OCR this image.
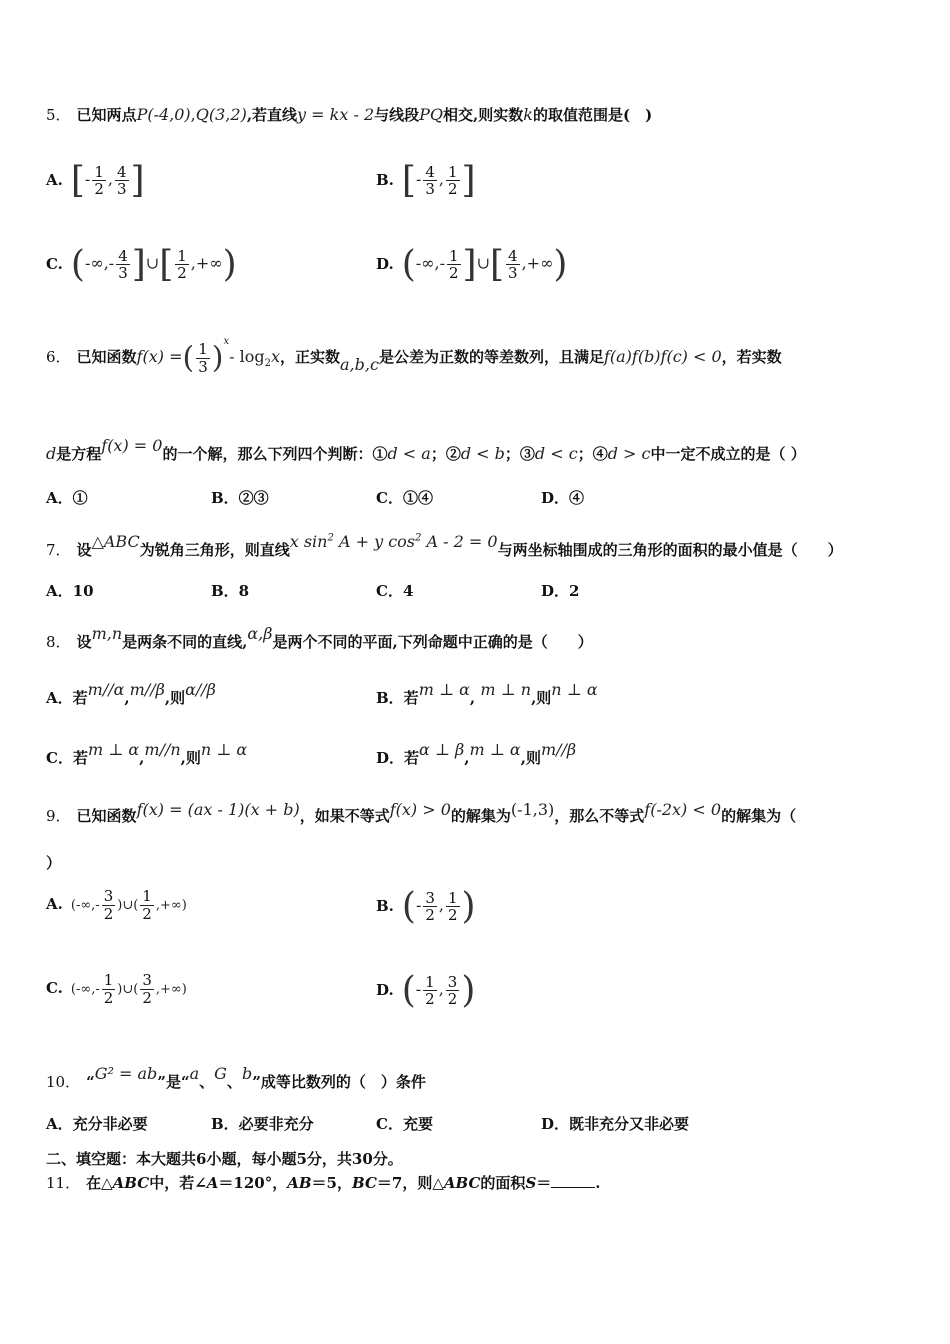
5． 已知两点P(-4,0),Q(3,2),若直线y = kx - 2与线段PQ相交,则实数k的取值范围是(　)
A. [- $\frac{1}{2}$ , $\frac{4}{3}$ ]	B. [- $\frac{4}{3}$ , $\frac{1}{2}$ ]
C. (-∞,- $\frac{4}{3}$ ]∪[ $\frac{1}{2}$ ,+∞)	D. (-∞,- $\frac{1}{2}$ ]∪[ $\frac{4}{3}$ ,+∞)
6． 已知函数f(x) =( $\frac{1}{3} )^x-$ $\log_2x$，正实数a,b,c是公差为正数的等差数列，且满足f(a)f(b)f(c) < 0，若实数
d是方程f(x) = 0的一个解，那么下列四个判断：①d < a；②d < b；③d < c；④d > c中一定不成立的是（ ）
A．①	B．②③	C．①④	D．④
7． 设△ABC为锐角三角形，则直线x $\sin^2 A + y$ $\cos^2 A - 2 = 0$与两坐标轴围成的三角形的面积的最小值是（　　）
A．10	B．8	C．4	D．2
8． 设m,n是两条不同的直线,α,β是两个不同的平面,下列命题中正确的是（　　）
A．若m//α,m//β,则α//β	B．若m ⊥ α, m ⊥ n,则n ⊥ α
C．若m ⊥ α,m//n,则n ⊥ α	D．若α ⊥ β,m ⊥ α,则m//β
9． 已知函数f(x) = (ax - 1)(x + b)，如果不等式f(x) > 0的解集为(-1,3)，那么不等式f(-2x) < 0的解集为（
）
A. (-∞,- $\frac{3}{2}$ )∪( $\frac{1}{2}$ ,+∞)	B. (- $\frac{3}{2}$ , $\frac{1}{2}$ )
C. (-∞,- $\frac{1}{2}$ )∪( $\frac{3}{2}$ ,+∞)	D. (- $\frac{1}{2}$ , $\frac{3}{2}$ )
10． “G² = ab”是“a、G、b”成等比数列的（　）条件
A．充分非必要	B．必要非充分	C．充要	D．既非充分又非必要
二、填空题：本大题共6小题，每小题5分，共30分。
11． 在△ABC中，若∠A＝120°，AB＝5，BC＝7，则△ABC的面积S＝	.
